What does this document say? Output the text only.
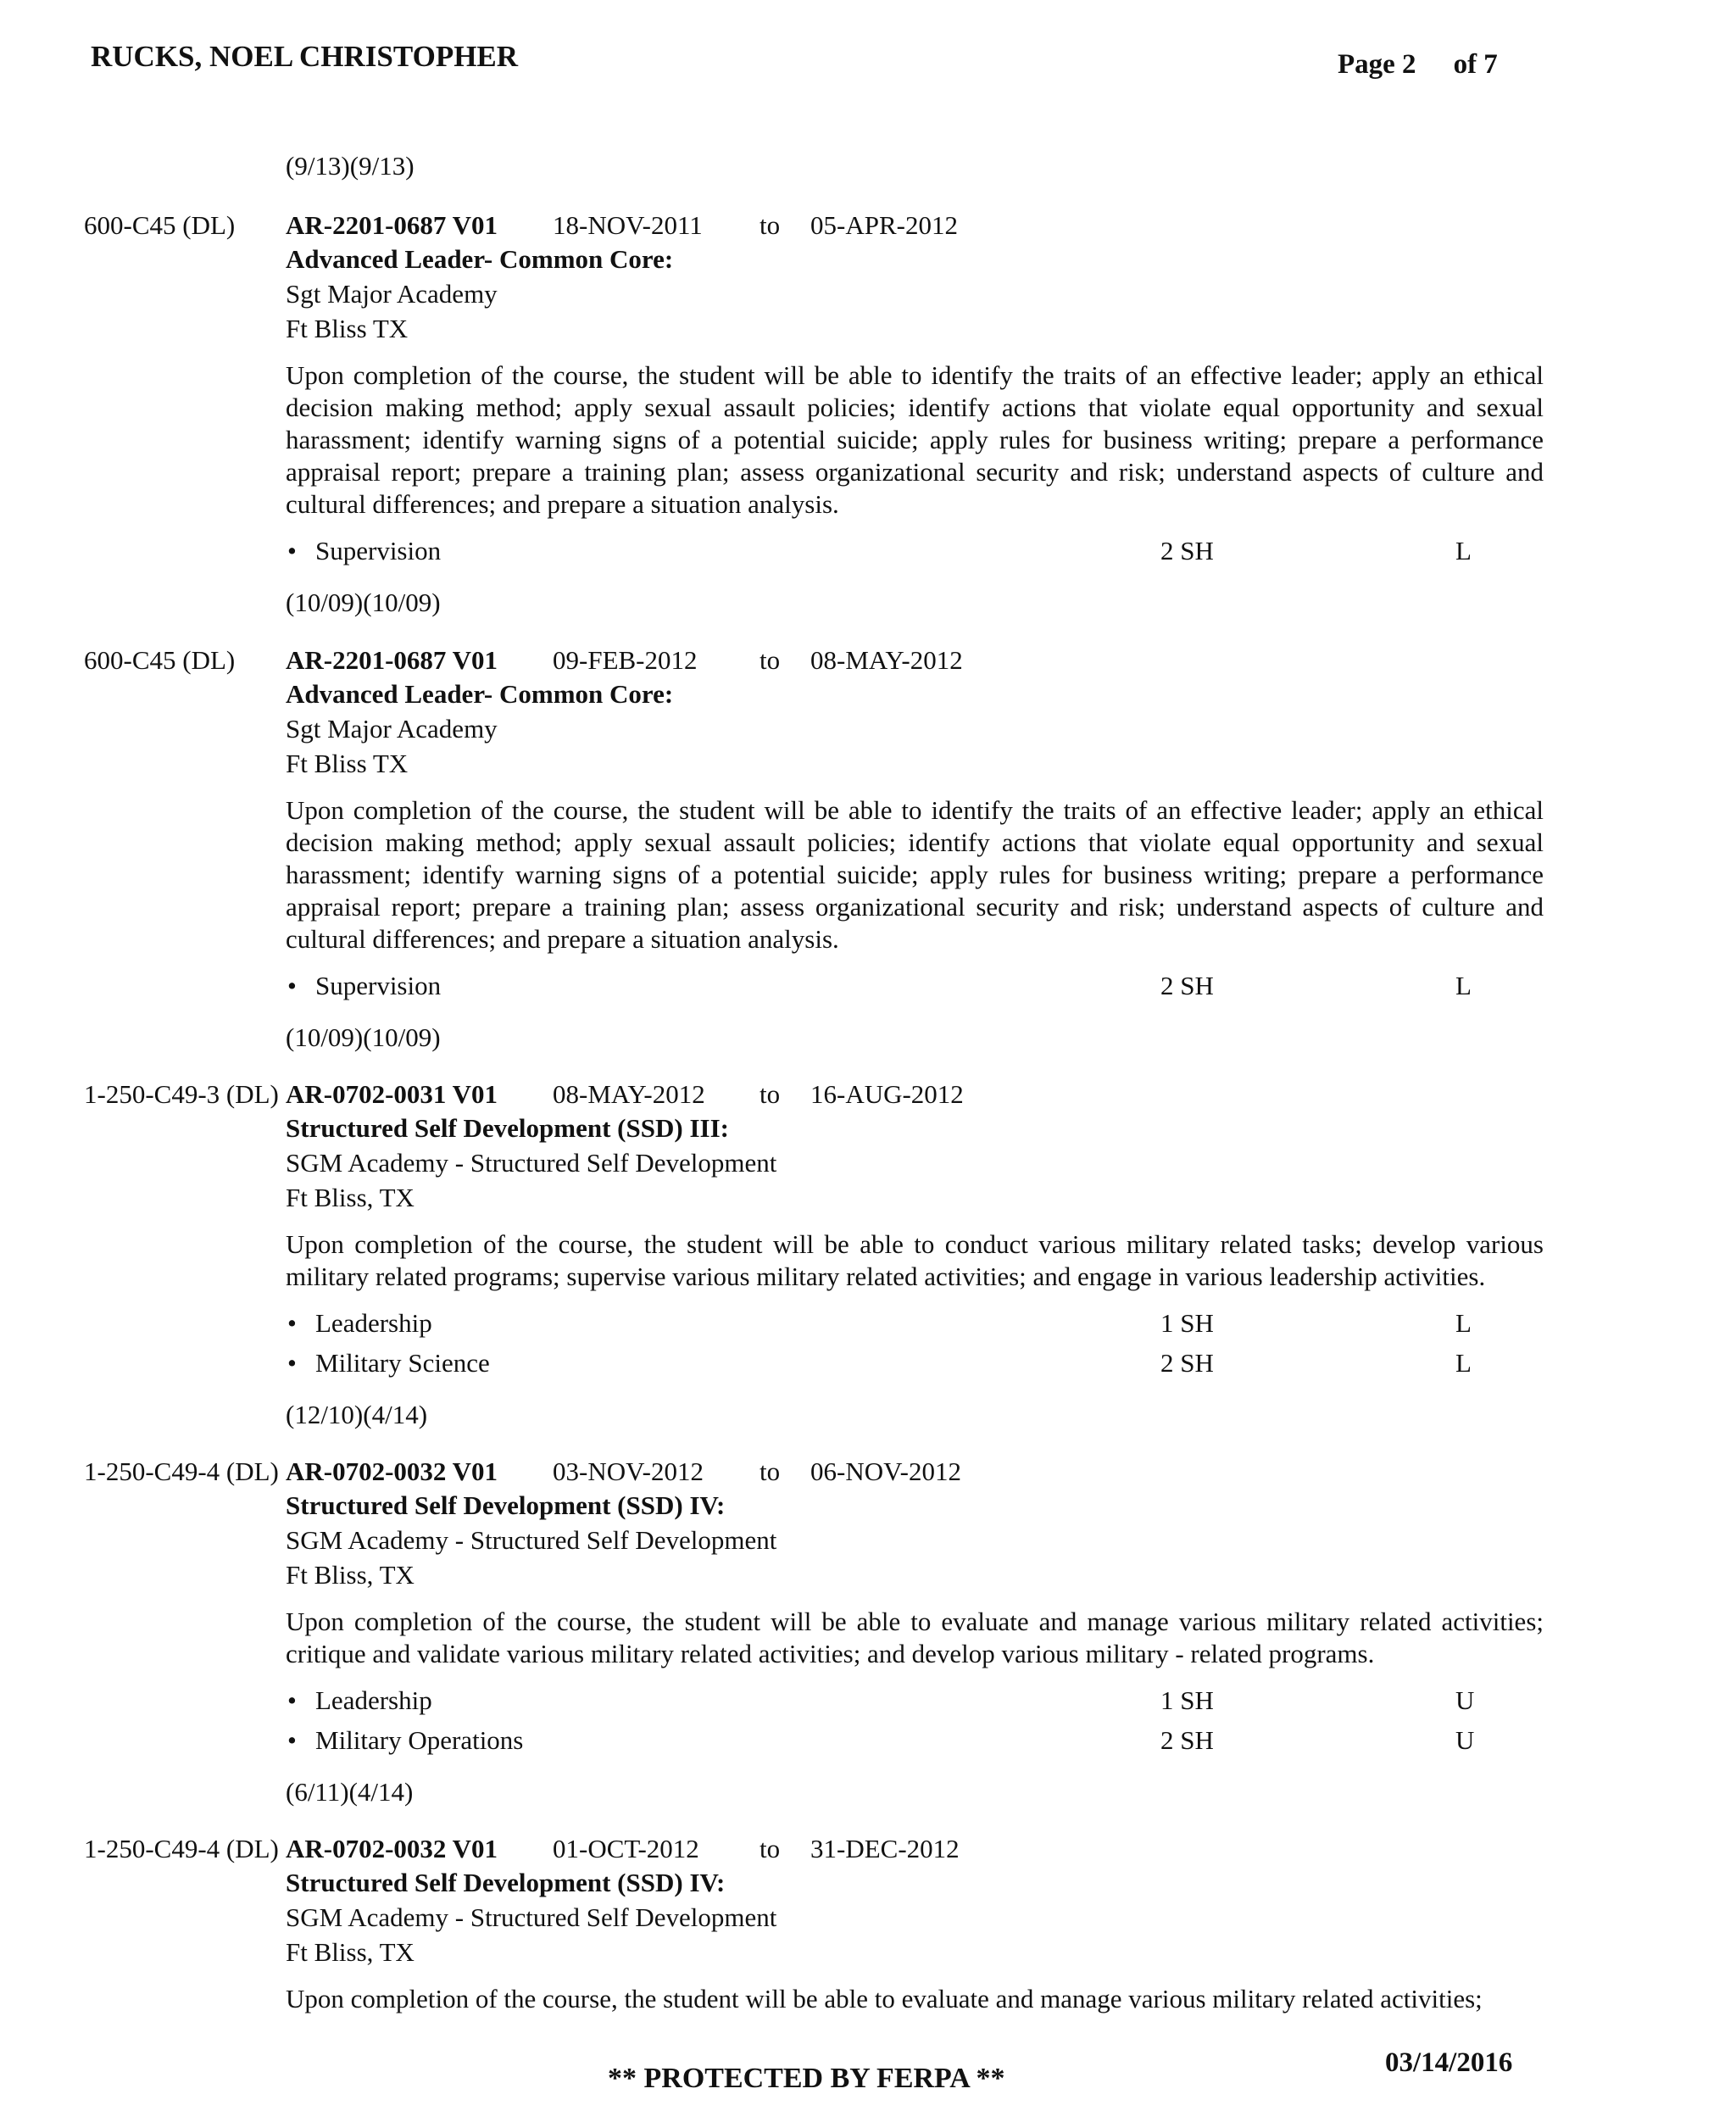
RUCKS, NOEL CHRISTOPHER	Page 2 of 7
(9/13)(9/13)
600-C45 (DL) AR-2201-0687 V01 18-NOV-2011 to 05-APR-2012
Advanced Leader- Common Core:
Sgt Major Academy
Ft Bliss TX
Upon completion of the course, the student will be able to identify the traits of an effective leader; apply an ethical decision making method; apply sexual assault policies; identify actions that violate equal opportunity and sexual harassment; identify warning signs of a potential suicide; apply rules for business writing; prepare a performance appraisal report; prepare a training plan; assess organizational security and risk; understand aspects of culture and cultural differences; and prepare a situation analysis.
• Supervision	2 SH	L
(10/09)(10/09)
600-C45 (DL) AR-2201-0687 V01 09-FEB-2012 to 08-MAY-2012
Advanced Leader- Common Core:
Sgt Major Academy
Ft Bliss TX
Upon completion of the course, the student will be able to identify the traits of an effective leader; apply an ethical decision making method; apply sexual assault policies; identify actions that violate equal opportunity and sexual harassment; identify warning signs of a potential suicide; apply rules for business writing; prepare a performance appraisal report; prepare a training plan; assess organizational security and risk; understand aspects of culture and cultural differences; and prepare a situation analysis.
• Supervision	2 SH	L
(10/09)(10/09)
1-250-C49-3 (DL) AR-0702-0031 V01 08-MAY-2012 to 16-AUG-2012
Structured Self Development (SSD) III:
SGM Academy - Structured Self Development
Ft Bliss, TX
Upon completion of the course, the student will be able to conduct various military related tasks; develop various military related programs; supervise various military related activities; and engage in various leadership activities.
• Leadership	1 SH	L
• Military Science	2 SH	L
(12/10)(4/14)
1-250-C49-4 (DL) AR-0702-0032 V01 03-NOV-2012 to 06-NOV-2012
Structured Self Development (SSD) IV:
SGM Academy - Structured Self Development
Ft Bliss, TX
Upon completion of the course, the student will be able to evaluate and manage various military related activities; critique and validate various military related activities; and develop various military - related programs.
• Leadership	1 SH	U
• Military Operations	2 SH	U
(6/11)(4/14)
1-250-C49-4 (DL) AR-0702-0032 V01 01-OCT-2012 to 31-DEC-2012
Structured Self Development (SSD) IV:
SGM Academy - Structured Self Development
Ft Bliss, TX
Upon completion of the course, the student will be able to evaluate and manage various military related activities;
03/14/2016
** PROTECTED BY FERPA **
